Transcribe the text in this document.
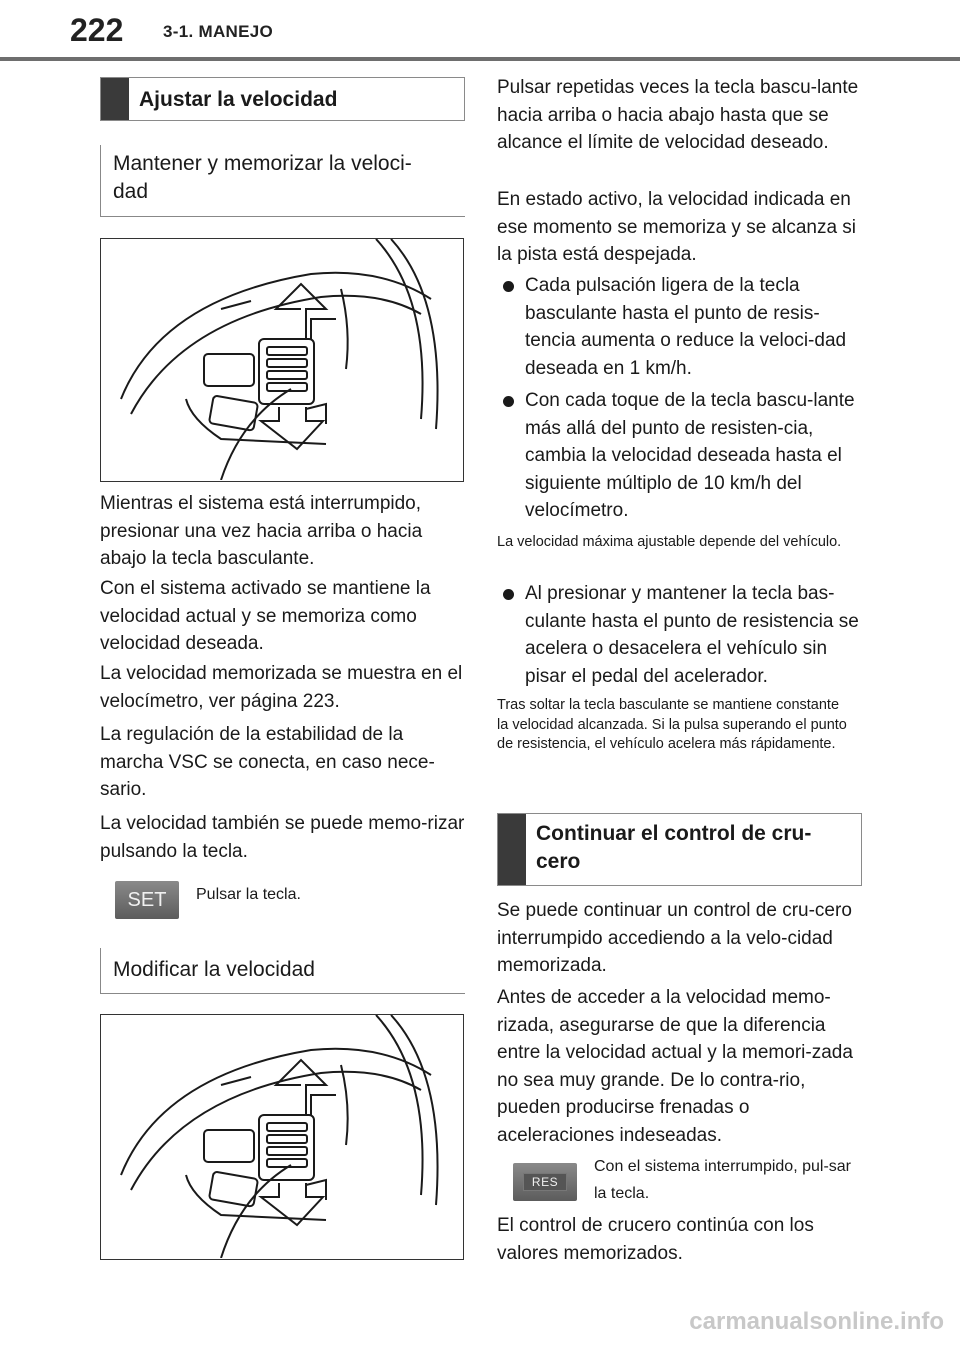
222 3-1. MANEJO
Ajustar la velocidad
Mantener y memorizar la veloci-dad
Mientras el sistema está interrumpido, presionar una vez hacia arriba o hacia abajo la tecla basculante.
Con el sistema activado se mantiene la velocidad actual y se memoriza como velocidad deseada.
La velocidad memorizada se muestra en el velocímetro, ver página 223.
La regulación de la estabilidad de la marcha VSC se conecta, en caso nece-sario.
La velocidad también se puede memo-rizar pulsando la tecla.
SET	Pulsar la tecla.
Modificar la velocidad
Pulsar repetidas veces la tecla bascu-lante hacia arriba o hacia abajo hasta que se alcance el límite de velocidad deseado.
En estado activo, la velocidad indicada en ese momento se memoriza y se alcanza si la pista está despejada.
Cada pulsación ligera de la tecla basculante hasta el punto de resis-tencia aumenta o reduce la veloci-dad deseada en 1 km/h.
Con cada toque de la tecla bascu-lante más allá del punto de resisten-cia, cambia la velocidad deseada hasta el siguiente múltiplo de 10 km/h del velocímetro.
La velocidad máxima ajustable depende del vehículo.
Al presionar y mantener la tecla bas-culante hasta el punto de resistencia se acelera o desacelera el vehículo sin pisar el pedal del acelerador.
Tras soltar la tecla basculante se mantiene constante la velocidad alcanzada. Si la pulsa superando el punto de resistencia, el vehículo acelera más rápidamente.
Continuar el control de cru-cero
Se puede continuar un control de cru-cero interrumpido accediendo a la velo-cidad memorizada.
Antes de acceder a la velocidad memo-rizada, asegurarse de que la diferencia entre la velocidad actual y la memori-zada no sea muy grande. De lo contra-rio, pueden producirse frenadas o aceleraciones indeseadas.
RES
Con el sistema interrumpido, pul-sar la tecla.
El control de crucero continúa con los valores memorizados.
carmanualsonline.info
